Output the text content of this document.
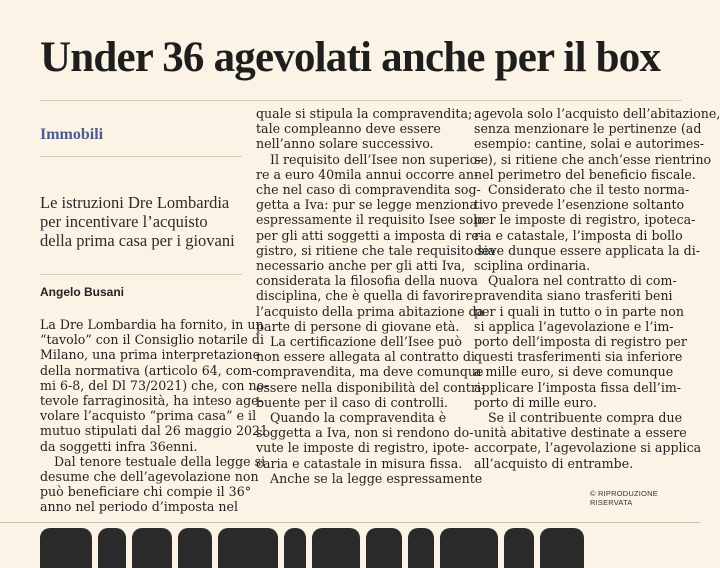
Under 36 agevolati anche per il box
Immobili
Le istruzioni Dre Lombardia
per incentivare l’acquisto
della prima casa per i giovani
Angelo Busani

La Dre Lombardia ha fornito, in un

“tavolo” con il Consiglio notarile di

Milano, una prima interpretazione

della normativa (articolo 64, com-

mi 6-8, del Dl 73/2021) che, con no-

tevole farraginosità, ha inteso age-

volare l’acquisto “prima casa” e il

mutuo stipulati dal 26 maggio 2021

da soggetti infra 36enni.

Dal tenore testuale della legge si

desume che dell’agevolazione non

può beneficiare chi compie il 36°

anno nel periodo d’imposta nel

quale si stipula la compravendita;

tale compleanno deve essere

nell’anno solare successivo.

Il requisito dell’Isee non superio-

re a euro 40mila annui occorre an-

che nel caso di compravendita sog-

getta a Iva: pur se legge menziona

espressamente il requisito Isee solo

per gli atti soggetti a imposta di re-

gistro, si ritiene che tale requisito sia

necessario anche per gli atti Iva,

considerata la filosofia della nuova

disciplina, che è quella di favorire

l’acquisto della prima abitazione da

parte di persone di giovane età.

La certificazione dell’Isee può

non essere allegata al contratto di

compravendita, ma deve comunque

essere nella disponibilità del contri-

buente per il caso di controlli.

Quando la compravendita è

soggetta a Iva, non si rendono do-

vute le imposte di registro, ipote-

caria e catastale in misura fissa.

Anche se la legge espressamente

agevola solo l’acquisto dell’abitazione,

senza menzionare le pertinenze (ad

esempio: cantine, solai e autorimes-

se), si ritiene che anch’esse rientrino

nel perimetro del beneficio fiscale.

Considerato che il testo norma-

tivo prevede l’esenzione soltanto

per le imposte di registro, ipoteca-

ria e catastale, l’imposta di bollo

deve dunque essere applicata la di-

sciplina ordinaria.

Qualora nel contratto di com-

pravendita siano trasferiti beni

per i quali in tutto o in parte non

si applica l’agevolazione e l’im-

porto dell’imposta di registro per

questi trasferimenti sia inferiore

a mille euro, si deve comunque

applicare l’imposta fissa dell’im-

porto di mille euro.

Se il contribuente compra due

unità abitative destinate a essere

accorpate, l’agevolazione si applica

all’acquisto di entrambe.

© RIPRODUZIONE RISERVATA
